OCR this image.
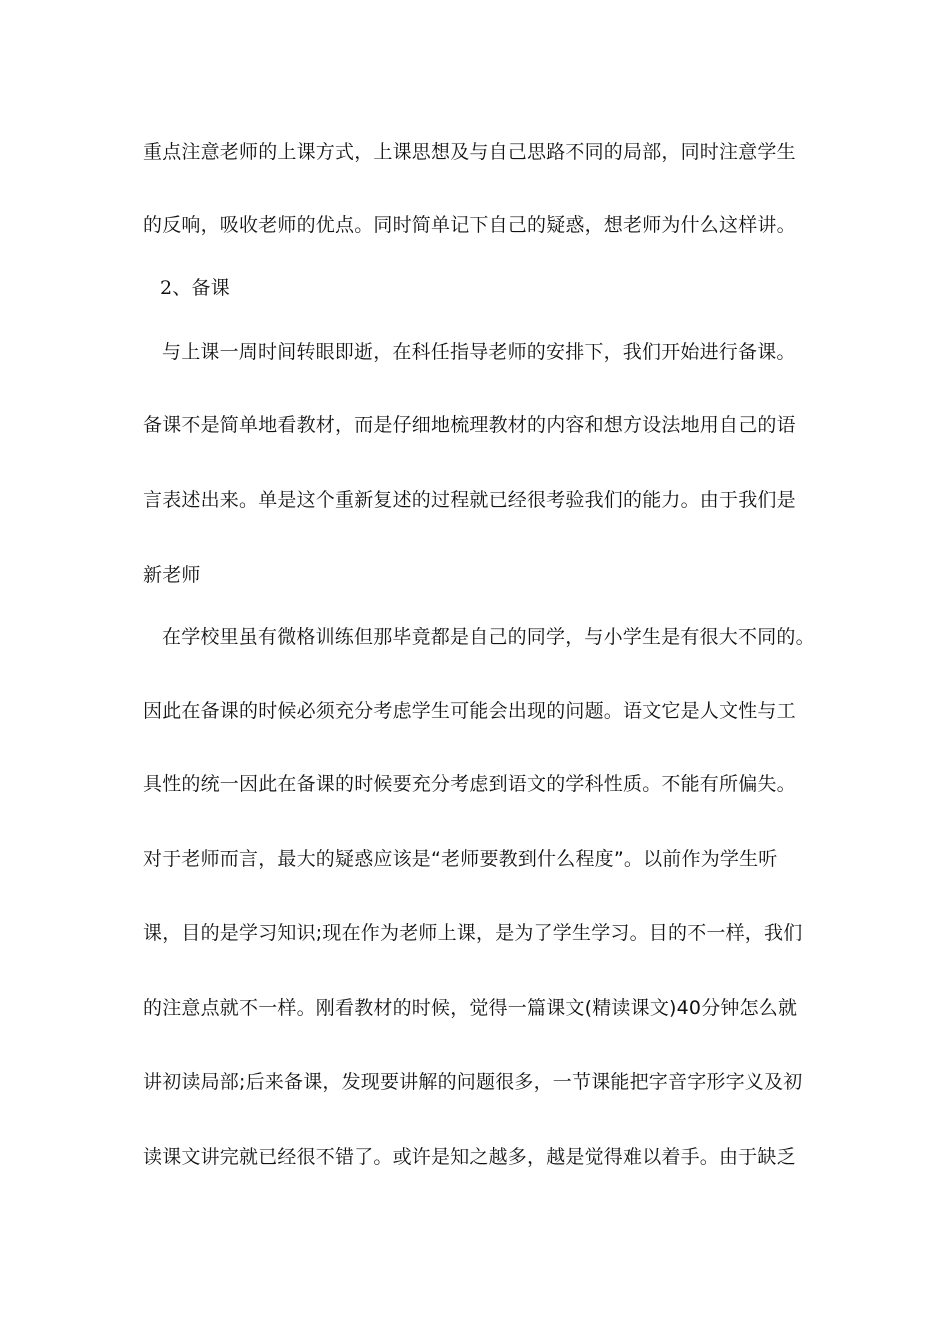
重点注意老师的上课方式，上课思想及与自己思路不同的局部，同时注意学生
的反响，吸收老师的优点。同时简单记下自己的疑惑，想老师为什么这样讲。
2、备课
与上课一周时间转眼即逝，在科任指导老师的安排下，我们开始进行备课。
备课不是简单地看教材，而是仔细地梳理教材的内容和想方设法地用自己的语
言表述出来。单是这个重新复述的过程就已经很考验我们的能力。由于我们是
新老师
在学校里虽有微格训练但那毕竟都是自己的同学，与小学生是有很大不同的。
因此在备课的时候必须充分考虑学生可能会出现的问题。语文它是人文性与工
具性的统一因此在备课的时候要充分考虑到语文的学科性质。不能有所偏失。
对于老师而言，最大的疑惑应该是“老师要教到什么程度”。以前作为学生听
课，目的是学习知识;现在作为老师上课，是为了学生学习。目的不一样，我们
的注意点就不一样。刚看教材的时候，觉得一篇课文(精读课文)40分钟怎么就
讲初读局部;后来备课，发现要讲解的问题很多，一节课能把字音字形字义及初
读课文讲完就已经很不错了。或许是知之越多，越是觉得难以着手。由于缺乏
